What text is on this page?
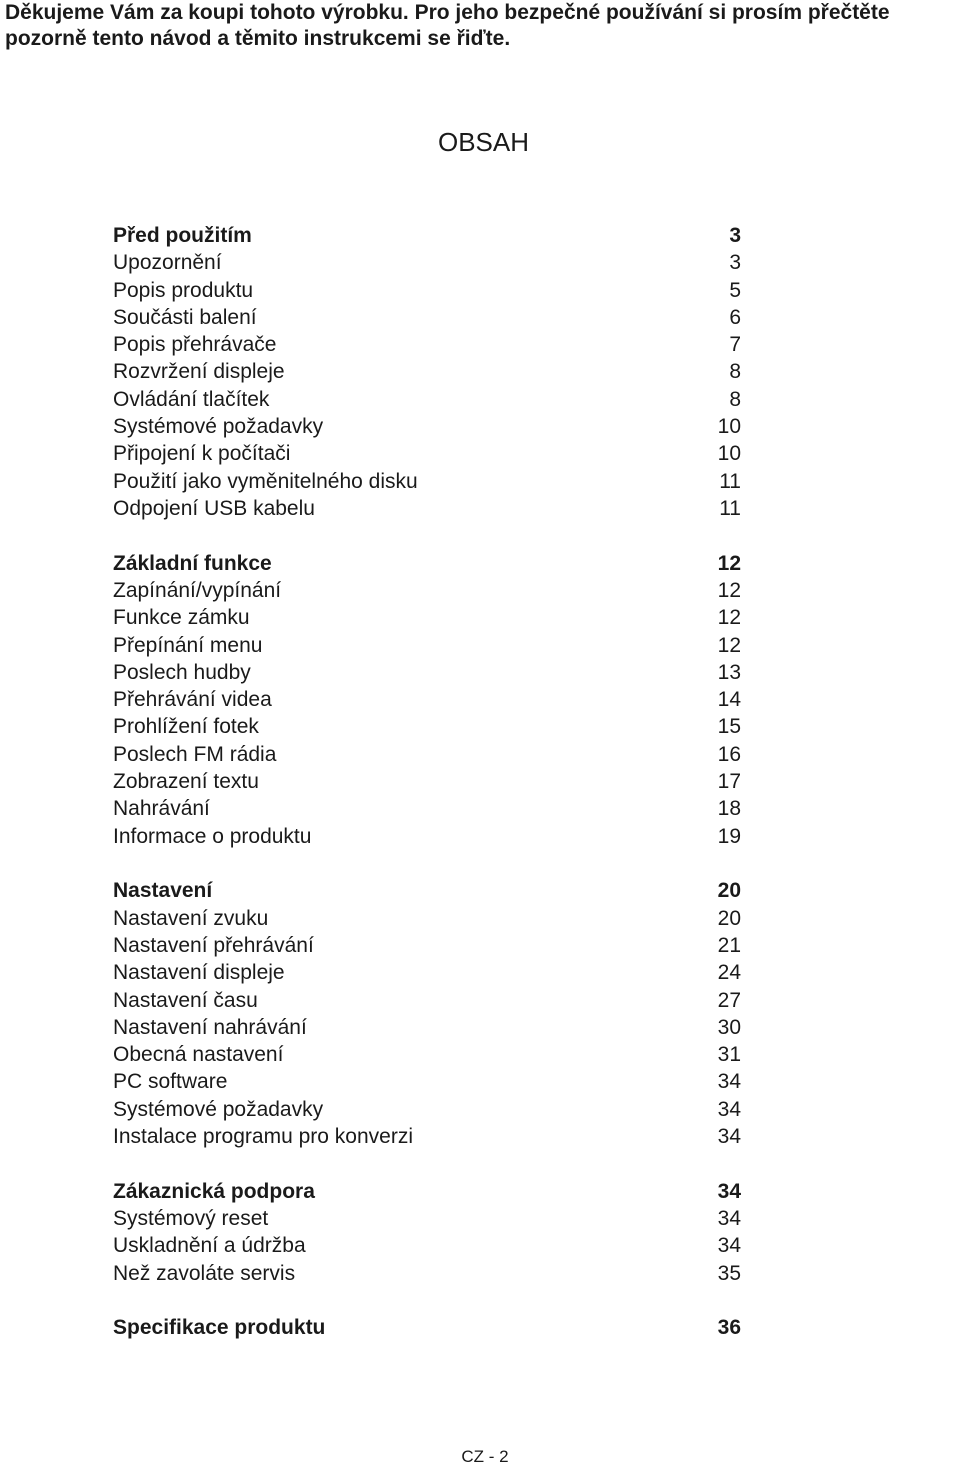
Děkujeme Vám za koupi tohoto výrobku. Pro jeho bezpečné používání si prosím přečtěte
pozorně tento návod a těmito instrukcemi se řiďte.

OBSAH
Před použitím	3
Upozornění	3
Popis produktu	5
Součásti balení	6
Popis přehrávače	7
Rozvržení displeje	8
Ovládání tlačítek	8
Systémové požadavky	10
Připojení k počítači	10
Použití jako vyměnitelného disku	11
Odpojení USB kabelu	11
Základní funkce	12
Zapínání/vypínání	12
Funkce zámku	12
Přepínání menu	12
Poslech hudby	13
Přehrávání videa	14
Prohlížení fotek	15
Poslech FM rádia	16
Zobrazení textu	17
Nahrávání	18
Informace o produktu	19
Nastavení	20
Nastavení zvuku	20
Nastavení přehrávání	21
Nastavení displeje	24
Nastavení času	27
Nastavení nahrávání	30
Obecná nastavení	31
PC software	34
Systémové požadavky	34
Instalace programu pro konverzi	34
Zákaznická podpora	34
Systémový reset	34
Uskladnění a údržba	34
Než zavoláte servis	35
Specifikace produktu	36
CZ - 2
